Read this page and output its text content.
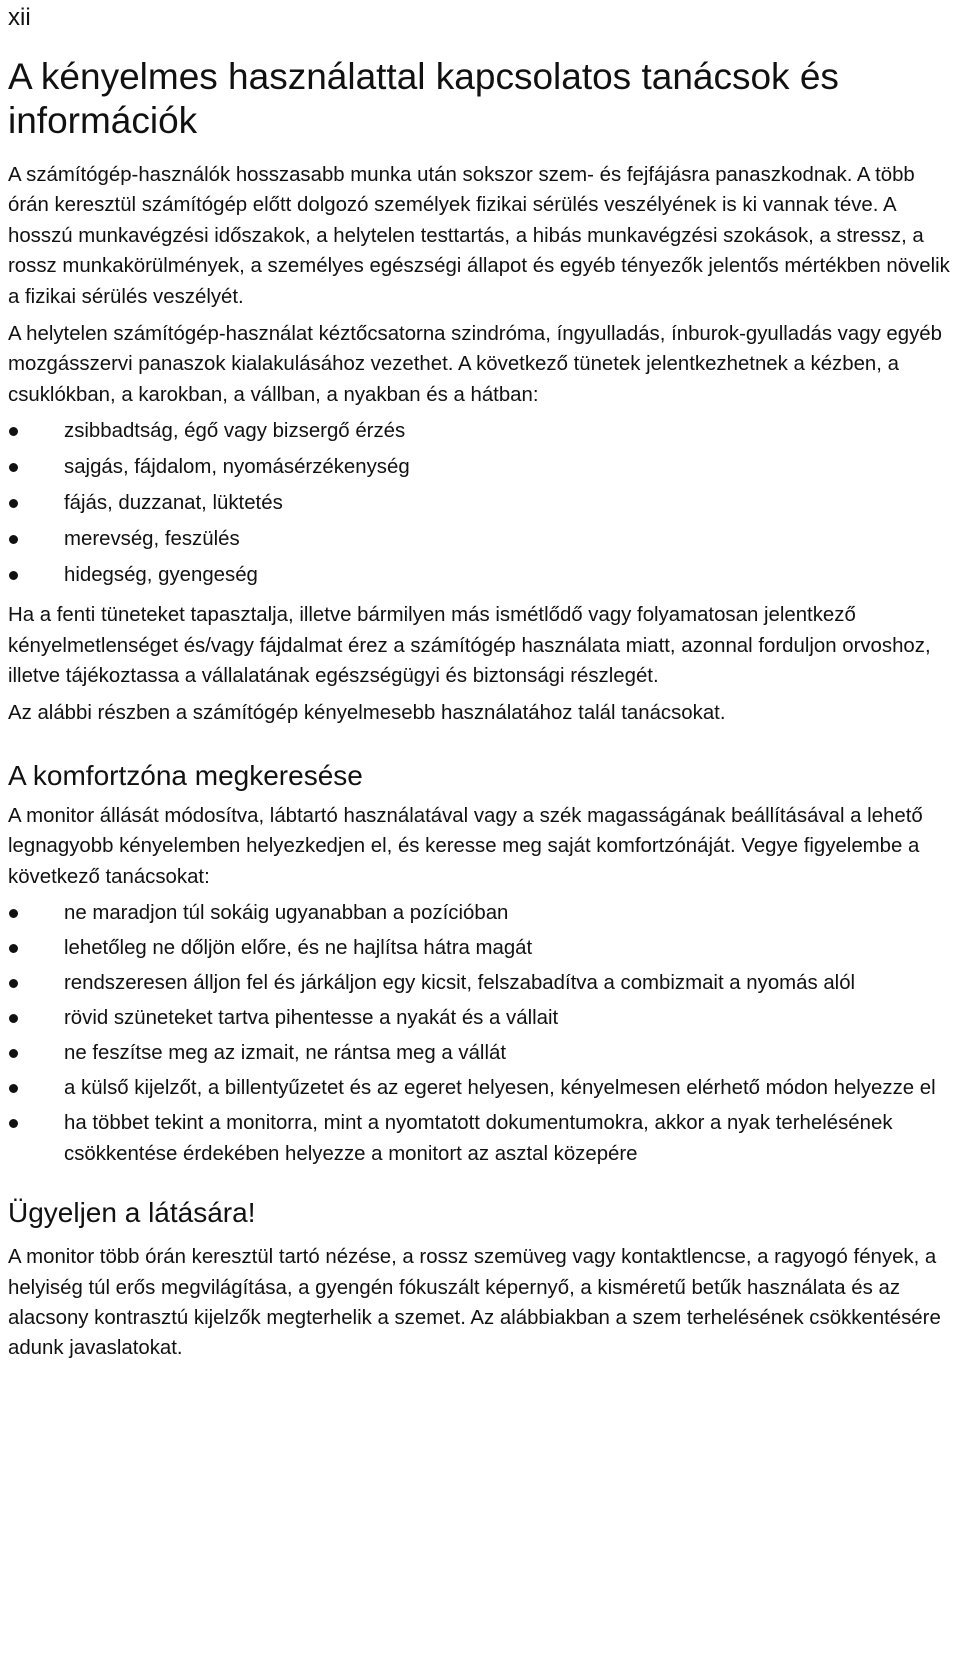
xii
A kényelmes használattal kapcsolatos tanácsok és információk

A számítógép-használók hosszasabb munka után sokszor szem- és fejfájásra panaszkodnak. A több órán keresztül számítógép előtt dolgozó személyek fizikai sérülés veszélyének is ki vannak téve. A hosszú munkavégzési időszakok, a helytelen testtartás, a hibás munkavégzési szokások, a stressz, a rossz munkakörülmények, a személyes egészségi állapot és egyéb tényezők jelentős mértékben növelik a fizikai sérülés veszélyét.

A helytelen számítógép-használat kéztőcsatorna szindróma, íngyulladás, ínburok-gyulladás vagy egyéb mozgásszervi panaszok kialakulásához vezethet. A következő tünetek jelentkezhetnek a kézben, a csuklókban, a karokban, a vállban, a nyakban és a hátban:

zsibbadtság, égő vagy bizsergő érzés
sajgás, fájdalom, nyomásérzékenység
fájás, duzzanat, lüktetés
merevség, feszülés
hidegség, gyengeség

Ha a fenti tüneteket tapasztalja, illetve bármilyen más ismétlődő vagy folyamatosan jelentkező kényelmetlenséget és/vagy fájdalmat érez a számítógép használata miatt, azonnal forduljon orvoshoz, illetve tájékoztassa a vállalatának egészségügyi és biztonsági részlegét.

Az alábbi részben a számítógép kényelmesebb használatához talál tanácsokat.

A komfortzóna megkeresése

A monitor állását módosítva, lábtartó használatával vagy a szék magasságának beállításával a lehető legnagyobb kényelemben helyezkedjen el, és keresse meg saját komfortzónáját. Vegye figyelembe a következő tanácsokat:

ne maradjon túl sokáig ugyanabban a pozícióban
lehetőleg ne dőljön előre, és ne hajlítsa hátra magát
rendszeresen álljon fel és járkáljon egy kicsit, felszabadítva a combizmait a nyomás alól
rövid szüneteket tartva pihentesse a nyakát és a vállait
ne feszítse meg az izmait, ne rántsa meg a vállát
a külső kijelzőt, a billentyűzetet és az egeret helyesen, kényelmesen elérhető módon helyezze el
ha többet tekint a monitorra, mint a nyomtatott dokumentumokra, akkor a nyak terhelésének csökkentése érdekében helyezze a monitort az asztal közepére
Ügyeljen a látására!

A monitor több órán keresztül tartó nézése, a rossz szemüveg vagy kontaktlencse, a ragyogó fények, a helyiség túl erős megvilágítása, a gyengén fókuszált képernyő, a kisméretű betűk használata és az alacsony kontrasztú kijelzők megterhelik a szemet. Az alábbiakban a szem terhelésének csökkentésére adunk javaslatokat.
